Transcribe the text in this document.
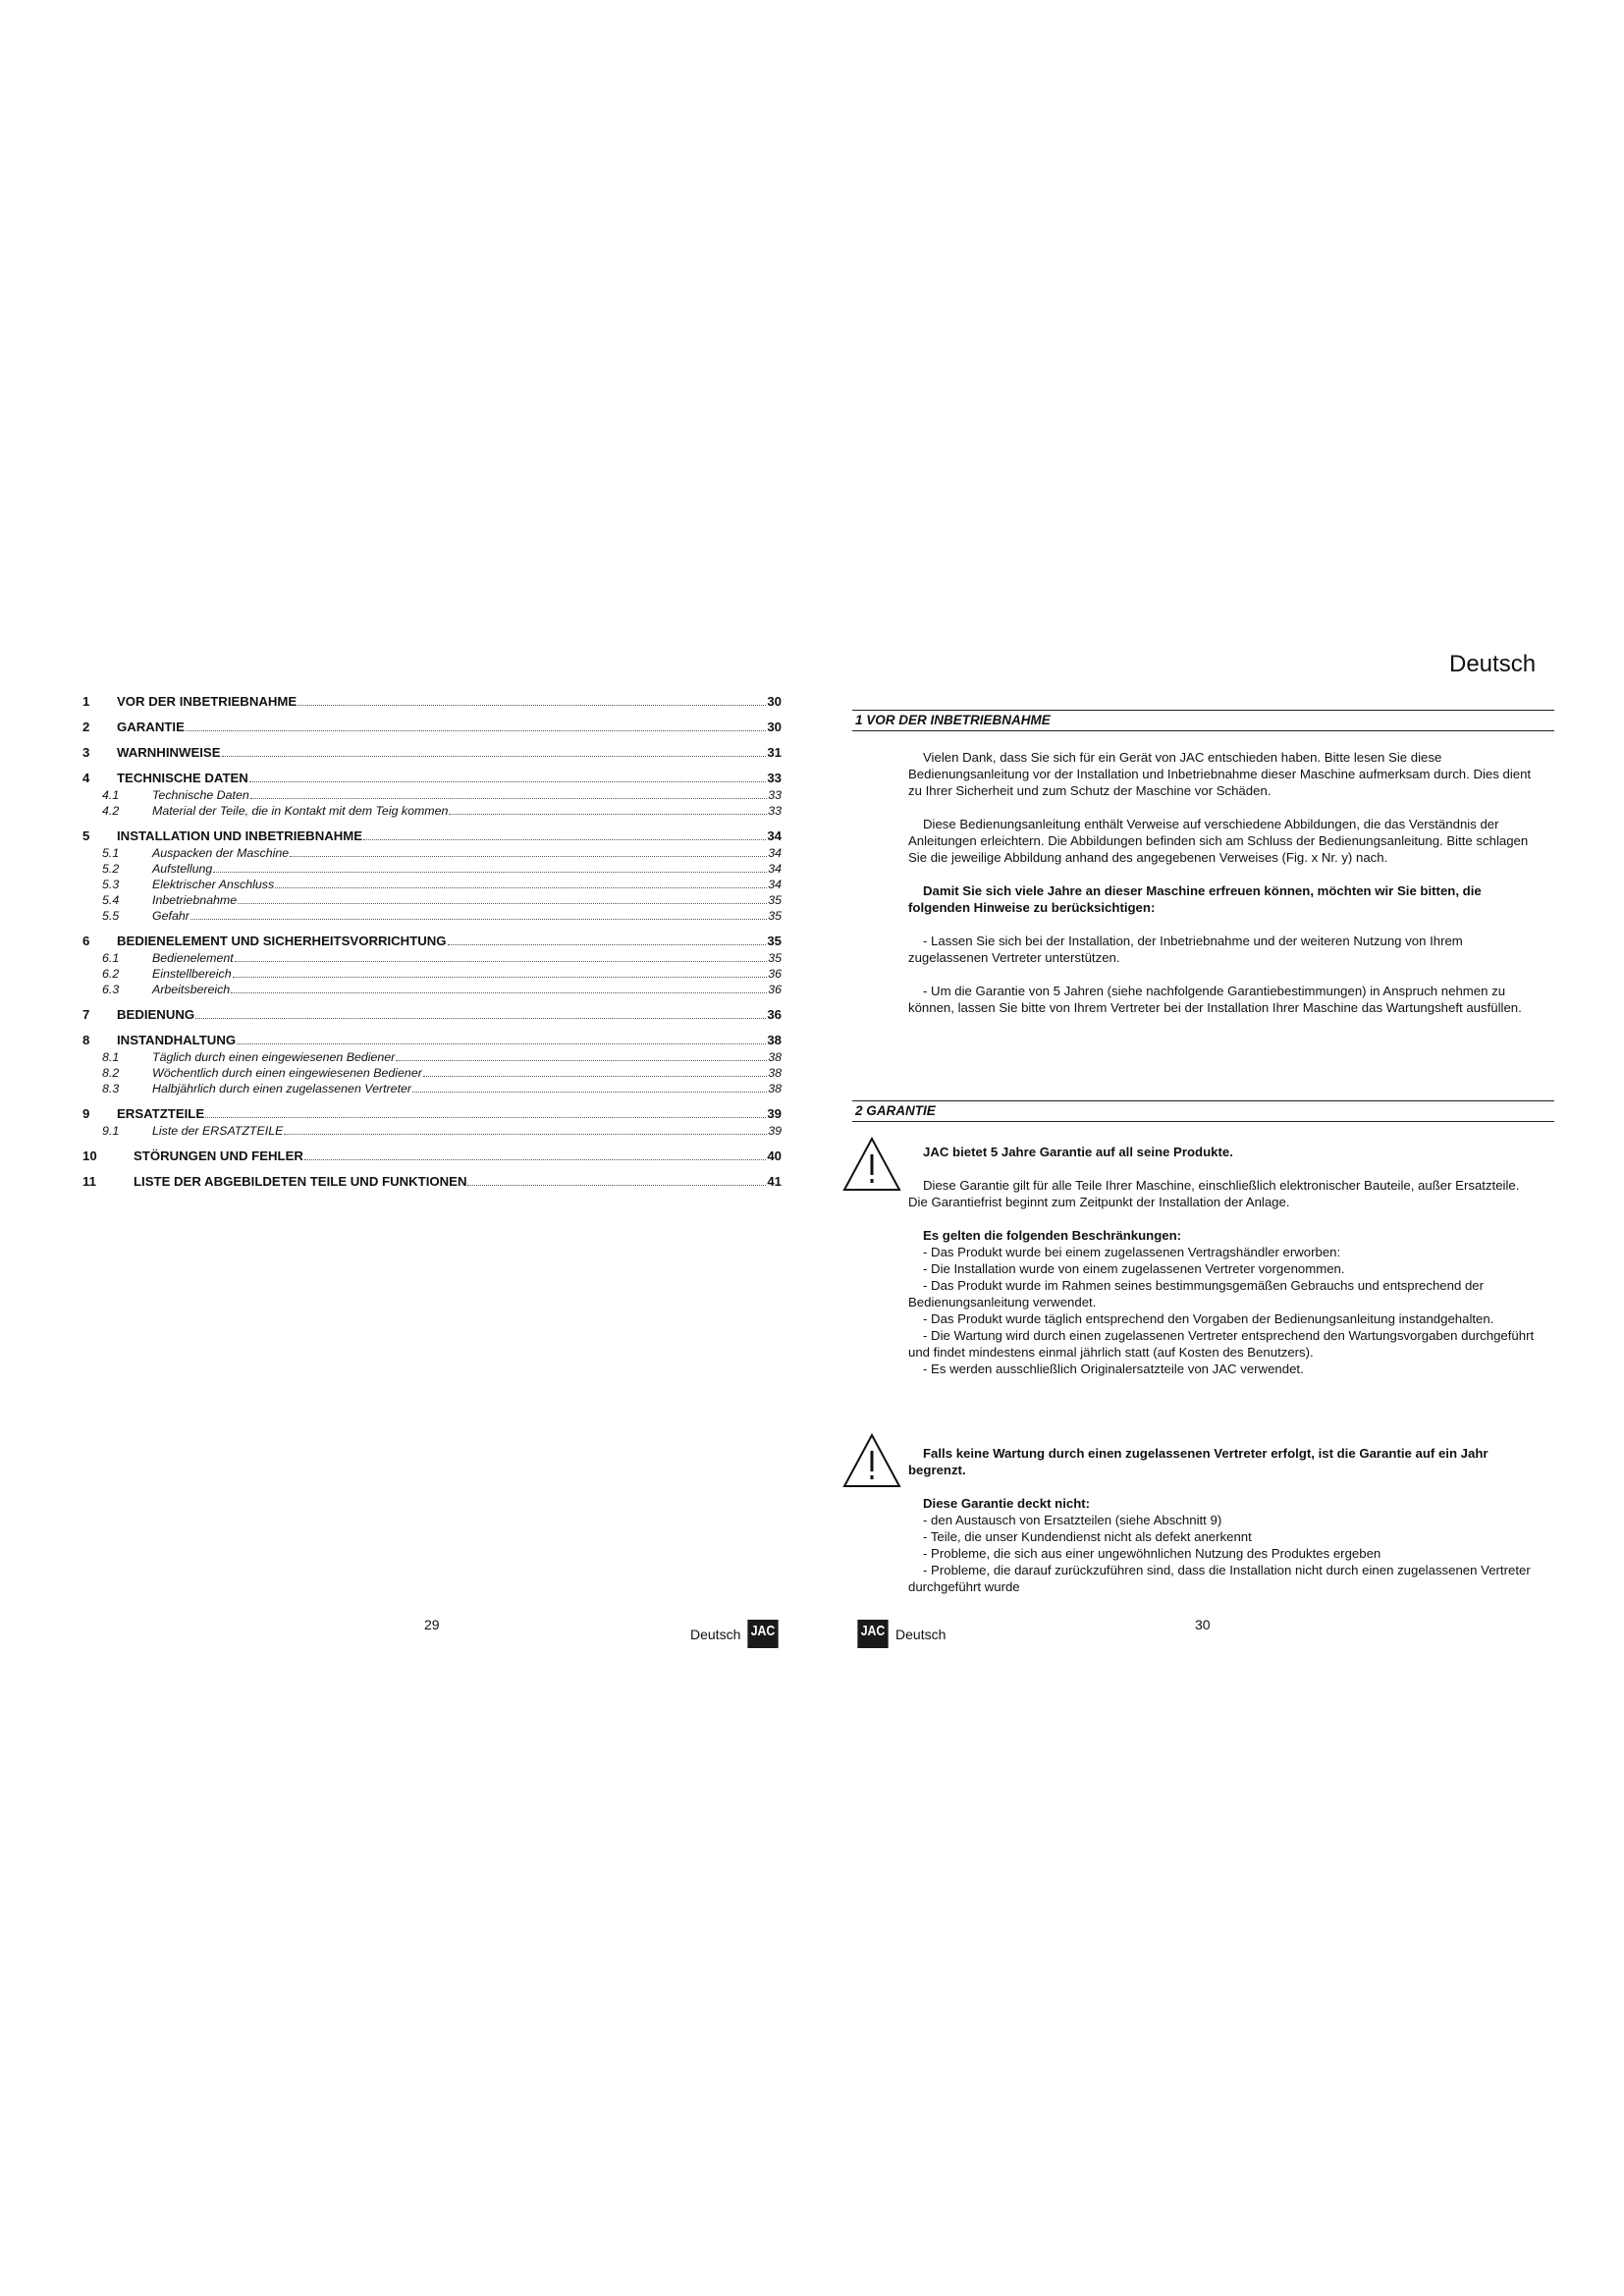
1	VOR DER INBETRIEBNAHME	30
2	GARANTIE	30
3	WARNHINWEISE	31
4	TECHNISCHE DATEN	33
4.1	Technische Daten	33
4.2	Material der Teile, die in Kontakt mit dem Teig kommen	33
5	INSTALLATION UND INBETRIEBNAHME	34
5.1	Auspacken der Maschine	34
5.2	Aufstellung	34
5.3	Elektrischer Anschluss	34
5.4	Inbetriebnahme	35
5.5	Gefahr	35
6	BEDIENELEMENT UND SICHERHEITSVORRICHTUNG	35
6.1	Bedienelement	35
6.2	Einstellbereich	36
6.3	Arbeitsbereich	36
7	BEDIENUNG	36
8	INSTANDHALTUNG	38
8.1	Täglich durch einen eingewiesenen Bediener	38
8.2	Wöchentlich durch einen eingewiesenen Bediener	38
8.3	Halbjährlich durch einen zugelassenen Vertreter	38
9	ERSATZTEILE	39
9.1	Liste der ERSATZTEILE	39
10	STÖRUNGEN UND FEHLER	40
11	LISTE DER ABGEBILDETEN TEILE UND FUNKTIONEN	41
29
Deutsch JAC
Deutsch
1 VOR DER INBETRIEBNAHME

Vielen Dank, dass Sie sich für ein Gerät von JAC entschieden haben. Bitte lesen Sie diese Bedienungsanleitung vor der Installation und Inbetriebnahme dieser Maschine aufmerksam durch. Dies dient zu Ihrer Sicherheit und zum Schutz der Maschine vor Schäden.

Diese Bedienungsanleitung enthält Verweise auf verschiedene Abbildungen, die das Verständnis der Anleitungen erleichtern. Die Abbildungen befinden sich am Schluss der Bedienungsanleitung. Bitte schlagen Sie die jeweilige Abbildung anhand des angegebenen Verweises (Fig. x Nr. y) nach.

Damit Sie sich viele Jahre an dieser Maschine erfreuen können, möchten wir Sie bitten, die folgenden Hinweise zu berücksichtigen:

- Lassen Sie sich bei der Installation, der Inbetriebnahme und der weiteren Nutzung von Ihrem zugelassenen Vertreter unterstützen.

- Um die Garantie von 5 Jahren (siehe nachfolgende Garantiebestimmungen) in Anspruch nehmen zu können, lassen Sie bitte von Ihrem Vertreter bei der Installation Ihrer Maschine das Wartungsheft ausfüllen.

2 GARANTIE

JAC bietet 5 Jahre Garantie auf all seine Produkte.

Diese Garantie gilt für alle Teile Ihrer Maschine, einschließlich elektronischer Bauteile, außer Ersatzteile. Die Garantiefrist beginnt zum Zeitpunkt der Installation der Anlage.

Es gelten die folgenden Beschränkungen:

- Das Produkt wurde bei einem zugelassenen Vertragshändler erworben:

- Die Installation wurde von einem zugelassenen Vertreter vorgenommen.

- Das Produkt wurde im Rahmen seines bestimmungsgemäßen Gebrauchs und entsprechend der Bedienungsanleitung verwendet.

- Das Produkt wurde täglich entsprechend den Vorgaben der Bedienungsanleitung instandgehalten.

- Die Wartung wird durch einen zugelassenen Vertreter entsprechend den Wartungsvorgaben durchgeführt und findet mindestens einmal jährlich statt (auf Kosten des Benutzers).

- Es werden ausschließlich Originalersatzteile von JAC verwendet.

Falls keine Wartung durch einen zugelassenen Vertreter erfolgt, ist die Garantie auf ein Jahr begrenzt.

Diese Garantie deckt nicht:

- den Austausch von Ersatzteilen (siehe Abschnitt 9)

- Teile, die unser Kundendienst nicht als defekt anerkennt

- Probleme, die sich aus einer ungewöhnlichen Nutzung des Produktes ergeben

- Probleme, die darauf zurückzuführen sind, dass die Installation nicht durch einen zugelassenen Vertreter durchgeführt wurde

30
JAC Deutsch
